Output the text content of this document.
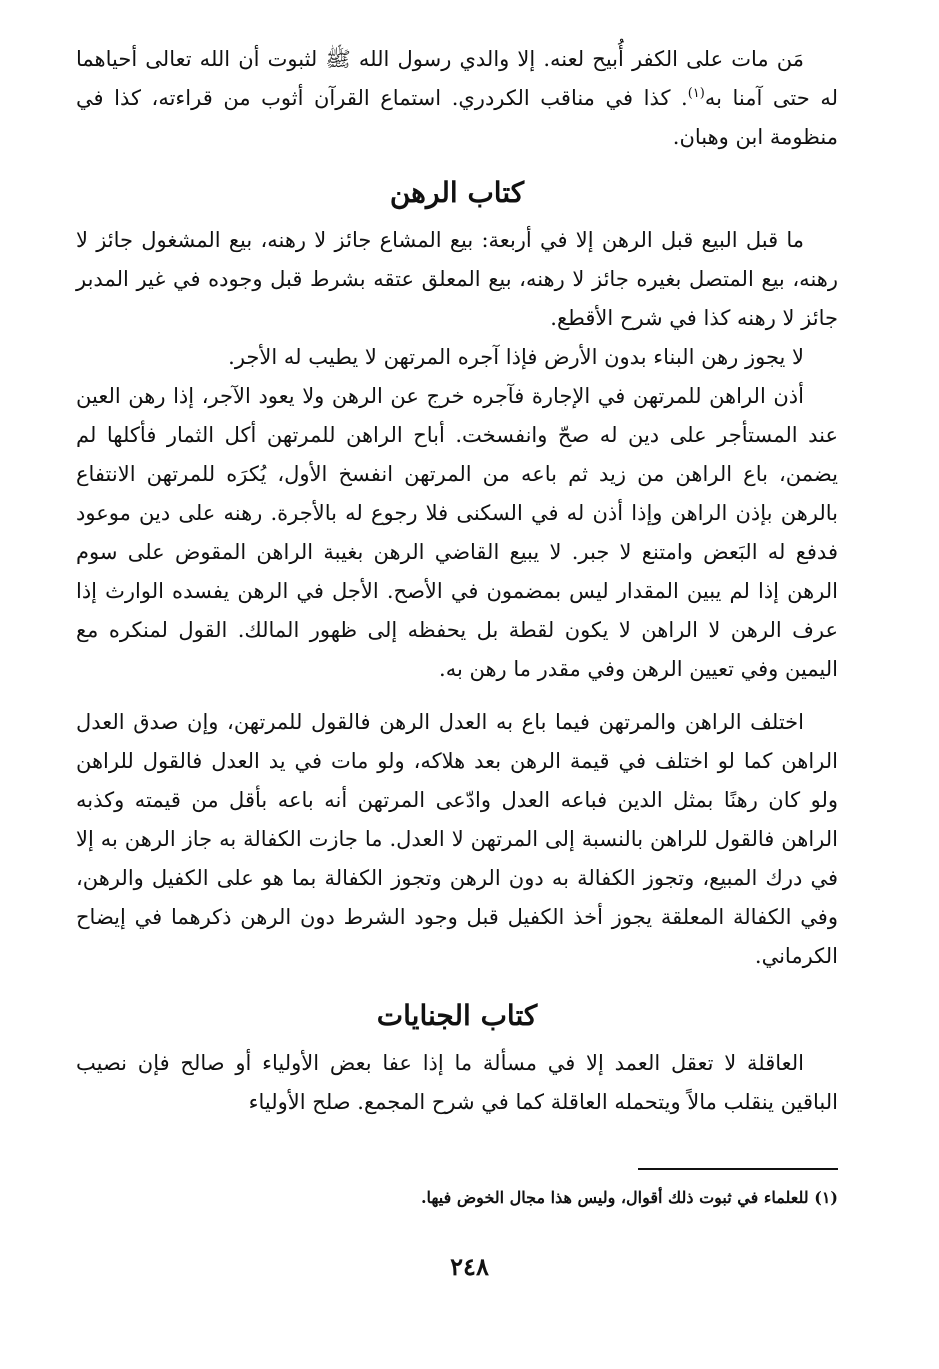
مَن مات على الكفر أُبيح لعنه. إلا والدي رسول الله ﷺ لثبوت أن الله تعالى أحياهما له حتى آمنا به$^{(١)}$. كذا في مناقب الكردري. استماع القرآن أثوب من قراءته، كذا في منظومة ابن وهبان.

كتاب الرهن

ما قبل البيع قبل الرهن إلا في أربعة: بيع المشاع جائز لا رهنه، بيع المشغول جائز لا رهنه، بيع المتصل بغيره جائز لا رهنه، بيع المعلق عتقه بشرط قبل وجوده في غير المدبر جائز لا رهنه كذا في شرح الأقطع.

لا يجوز رهن البناء بدون الأرض فإذا آجره المرتهن لا يطيب له الأجر.

أذن الراهن للمرتهن في الإجارة فآجره خرج عن الرهن ولا يعود الآجر، إذا رهن العين عند المستأجر على دين له صحّ وانفسخت. أباح الراهن للمرتهن أكل الثمار فأكلها لم يضمن، باع الراهن من زيد ثم باعه من المرتهن انفسخ الأول، يُكرَه للمرتهن الانتفاع بالرهن بإذن الراهن وإذا أذن له في السكنى فلا رجوع له بالأجرة. رهنه على دين موعود فدفع له البَعض وامتنع لا جبر. لا يبيع القاضي الرهن بغيبة الراهن المقوض على سوم الرهن إذا لم يبين المقدار ليس بمضمون في الأصح. الأجل في الرهن يفسده الوارث إذا عرف الرهن لا الراهن لا يكون لقطة بل يحفظه إلى ظهور المالك. القول لمنكره مع اليمين وفي تعيين الرهن وفي مقدر ما رهن به.

اختلف الراهن والمرتهن فيما باع به العدل الرهن فالقول للمرتهن، وإن صدق العدل الراهن كما لو اختلف في قيمة الرهن بعد هلاكه، ولو مات في يد العدل فالقول للراهن ولو كان رهنًا بمثل الدين فباعه العدل وادّعى المرتهن أنه باعه بأقل من قيمته وكذبه الراهن فالقول للراهن بالنسبة إلى المرتهن لا العدل. ما جازت الكفالة به جاز الرهن به إلا في درك المبيع، وتجوز الكفالة به دون الرهن وتجوز الكفالة بما هو على الكفيل والرهن، وفي الكفالة المعلقة يجوز أخذ الكفيل قبل وجود الشرط دون الرهن ذكرهما في إيضاح الكرماني.

كتاب الجنايات

العاقلة لا تعقل العمد إلا في مسألة ما إذا عفا بعض الأولياء أو صالح فإن نصيب الباقين ينقلب مالاً ويتحمله العاقلة كما في شرح المجمع. صلح الأولياء

(١) للعلماء في ثبوت ذلك أقوال، وليس هذا مجال الخوض فيها.
٢٤٨
